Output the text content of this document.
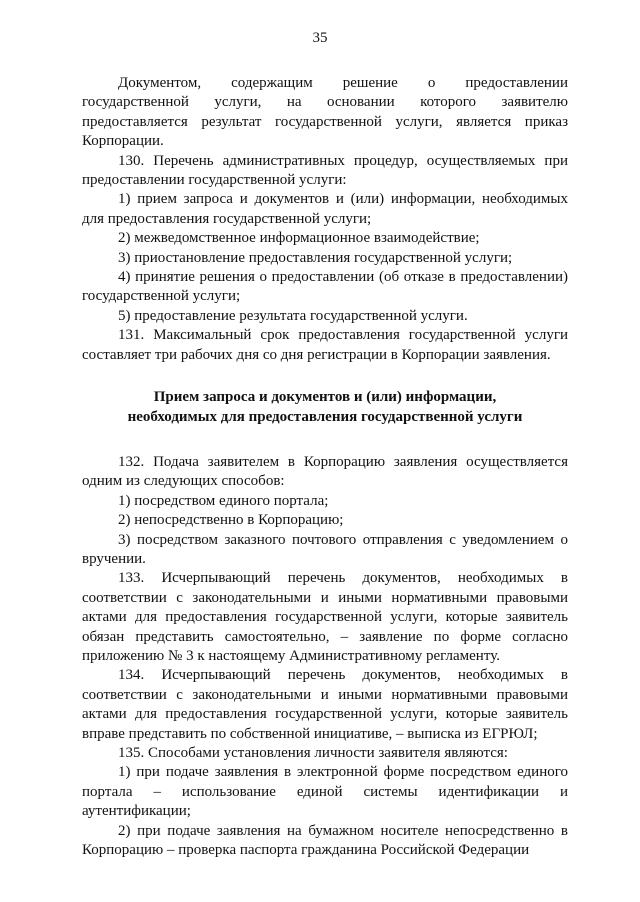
35

Документом, содержащим решение о предоставлении государственной услуги, на основании которого заявителю предоставляется результат государственной услуги, является приказ Корпорации.

130. Перечень административных процедур, осуществляемых при предоставлении государственной услуги:

1) прием запроса и документов и (или) информации, необходимых для предоставления государственной услуги;

2) межведомственное информационное взаимодействие;

3) приостановление предоставления государственной услуги;

4) принятие решения о предоставлении (об отказе в предоставлении) государственной услуги;

5) предоставление результата государственной услуги.

131. Максимальный срок предоставления государственной услуги составляет три рабочих дня со дня регистрации в Корпорации заявления.

Прием запроса и документов и (или) информации,
необходимых для предоставления государственной услуги

132. Подача заявителем в Корпорацию заявления осуществляется одним из следующих способов:

1) посредством единого портала;

2) непосредственно в Корпорацию;

3) посредством заказного почтового отправления с уведомлением о вручении.

133. Исчерпывающий перечень документов, необходимых в соответствии с законодательными и иными нормативными правовыми актами для предоставления государственной услуги, которые заявитель обязан представить самостоятельно, – заявление по форме согласно приложению № 3 к настоящему Административному регламенту.

134. Исчерпывающий перечень документов, необходимых в соответствии с законодательными и иными нормативными правовыми актами для предоставления государственной услуги, которые заявитель вправе представить по собственной инициативе, – выписка из ЕГРЮЛ;

135. Способами установления личности заявителя являются:

1) при подаче заявления в электронной форме посредством единого портала – использование единой системы идентификации и аутентификации;

2) при подаче заявления на бумажном носителе непосредственно в Корпорацию – проверка паспорта гражданина Российской Федерации
